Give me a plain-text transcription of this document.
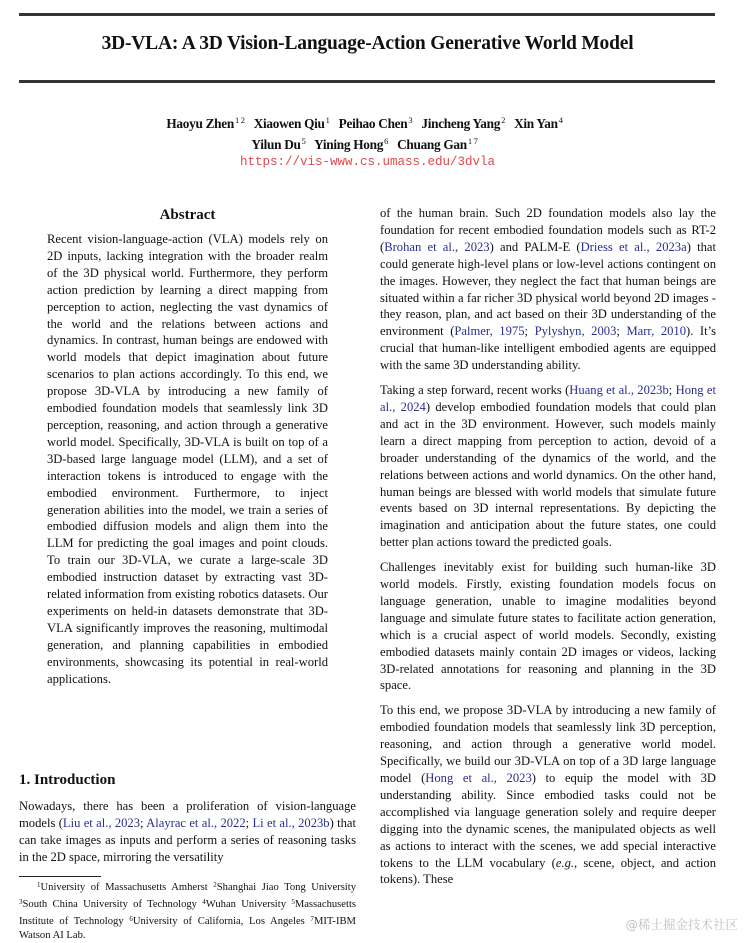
3D-VLA: A 3D Vision-Language-Action Generative World Model
Haoyu Zhen$^{1 2}$ Xiaowen Qiu$^1$ Peihao Chen$^3$ Jincheng Yang$^2$ Xin Yan$^4$
Yilun Du$^5$ Yining Hong$^6$ Chuang Gan$^{1 7}$
https://vis-www.cs.umass.edu/3dvla
Abstract

Recent vision-language-action (VLA) models rely on 2D inputs, lacking integration with the broader realm of the 3D physical world. Furthermore, they perform action prediction by learning a direct mapping from perception to action, neglecting the vast dynamics of the world and the relations between actions and dynamics. In contrast, human beings are endowed with world models that depict imagination about future scenarios to plan actions accordingly. To this end, we propose 3D-VLA by introducing a new family of embodied foundation models that seamlessly link 3D perception, reasoning, and action through a generative world model. Specifically, 3D-VLA is built on top of a 3D-based large language model (LLM), and a set of interaction tokens is introduced to engage with the embodied environment. Furthermore, to inject generation abilities into the model, we train a series of embodied diffusion models and align them into the LLM for predicting the goal images and point clouds. To train our 3D-VLA, we curate a large-scale 3D embodied instruction dataset by extracting vast 3D-related information from existing robotics datasets. Our experiments on held-in datasets demonstrate that 3D-VLA significantly improves the reasoning, multimodal generation, and planning capabilities in embodied environments, showcasing its potential in real-world applications.

1. Introduction

Nowadays, there has been a proliferation of vision-language models (Liu et al., 2023; Alayrac et al., 2022; Li et al., 2023b) that can take images as inputs and perform a series of reasoning tasks in the 2D space, mirroring the versatility

$^1$University of Massachusetts Amherst $^2$Shanghai Jiao Tong University $^3$South China University of Technology $^4$Wuhan University $^5$Massachusetts Institute of Technology $^6$University of California, Los Angeles $^7$MIT-IBM Watson AI Lab.

of the human brain. Such 2D foundation models also lay the foundation for recent embodied foundation models such as RT-2 (Brohan et al., 2023) and PALM-E (Driess et al., 2023a) that could generate high-level plans or low-level actions contingent on the images. However, they neglect the fact that human beings are situated within a far richer 3D physical world beyond 2D images - they reason, plan, and act based on their 3D understanding of the environment (Palmer, 1975; Pylyshyn, 2003; Marr, 2010). It’s crucial that human-like intelligent embodied agents are equipped with the same 3D understanding ability.

Taking a step forward, recent works (Huang et al., 2023b; Hong et al., 2024) develop embodied foundation models that could plan and act in the 3D environment. However, such models mainly learn a direct mapping from perception to action, devoid of a broader understanding of the dynamics of the world, and the relations between actions and world dynamics. On the other hand, human beings are blessed with world models that simulate future events based on 3D internal representations. By depicting the imagination and anticipation about the future states, one could better plan actions toward the predicted goals.

Challenges inevitably exist for building such human-like 3D world models. Firstly, existing foundation models focus on language generation, unable to imagine modalities beyond language and simulate future states to facilitate action generation, which is a crucial aspect of world models. Secondly, existing embodied datasets mainly contain 2D images or videos, lacking 3D-related annotations for reasoning and planning in the 3D space.

To this end, we propose 3D-VLA by introducing a new family of embodied foundation models that seamlessly link 3D perception, reasoning, and action through a generative world model. Specifically, we build our 3D-VLA on top of a 3D large language model (Hong et al., 2023) to equip the model with 3D understanding ability. Since embodied tasks could not be accomplished via language generation solely and require deeper digging into the dynamic scenes, the manipulated objects as well as actions to interact with the scenes, we add special interactive tokens to the LLM vocabulary (e.g., scene, object, and action tokens). These

@稀土掘金技术社区
